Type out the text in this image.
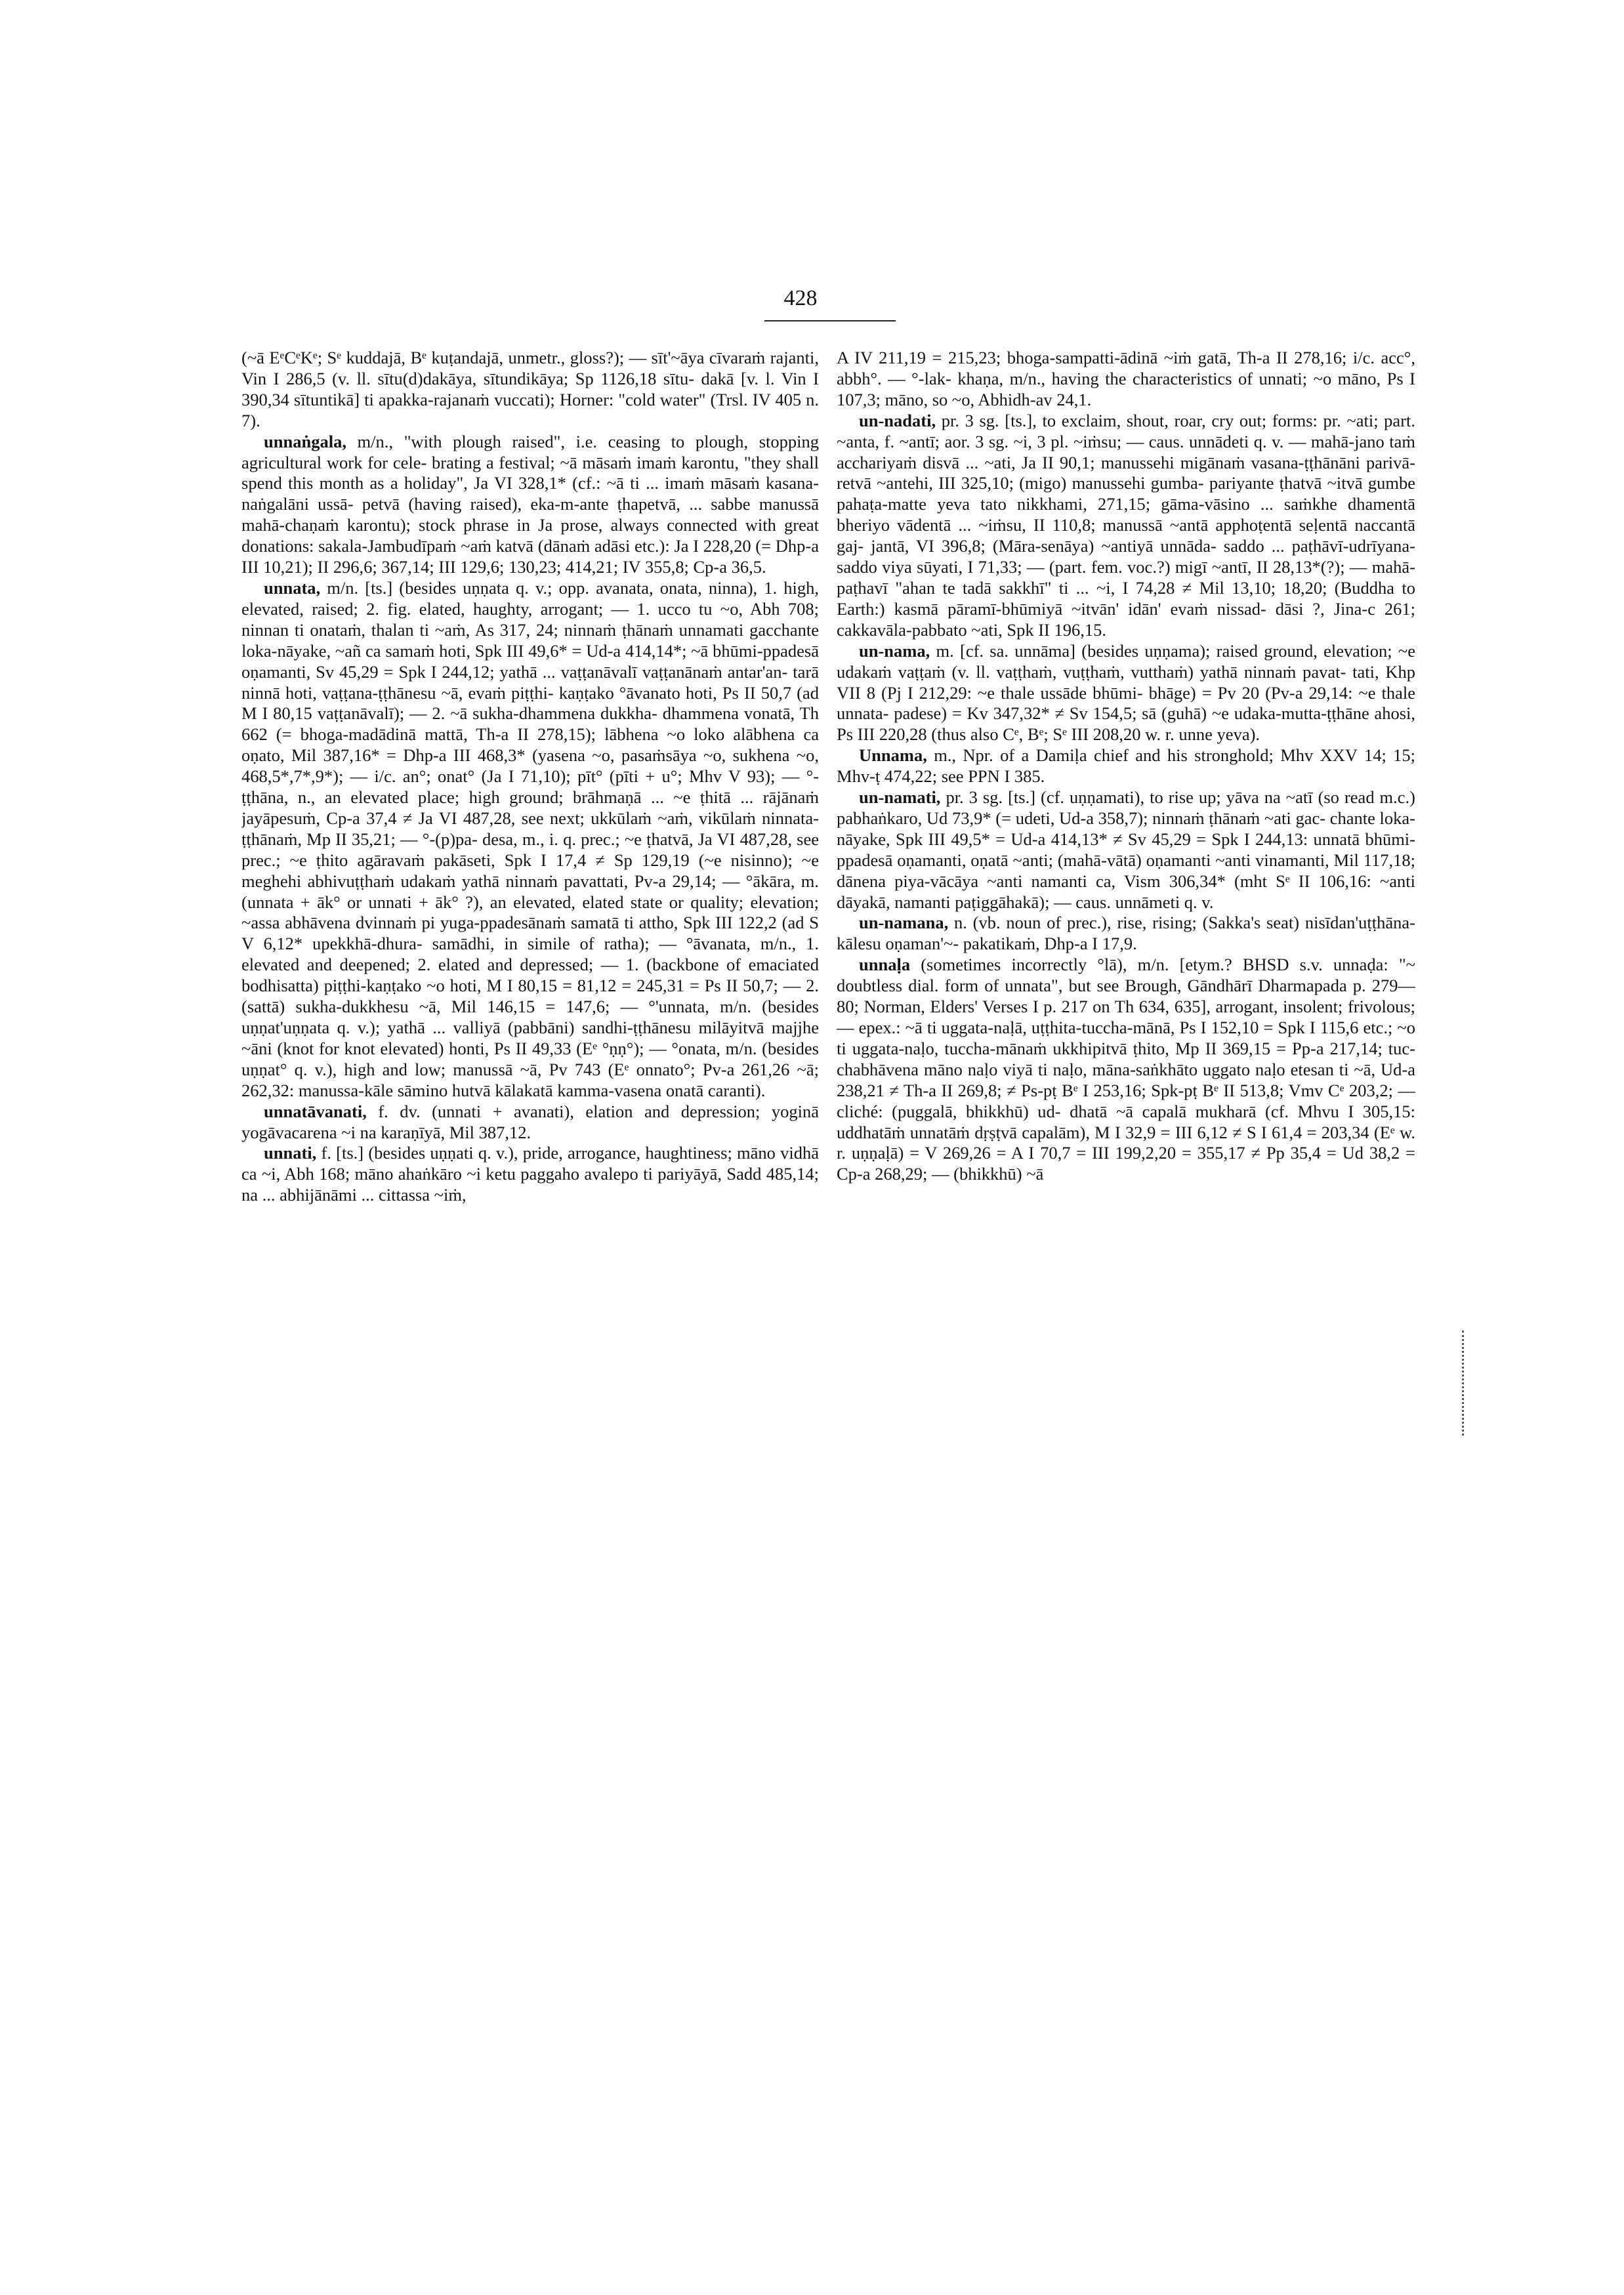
428

(~ā EᵉCᵉKᵉ; Sᵉ kuddajā, Bᵉ kuṭandajā, unmetr., gloss?); — sīt'~āya cīvaraṁ rajanti, Vin I 286,5 (v. ll. sītu(d)dakāya, sītundikāya; Sp 1126,18 sītu- dakā [v. l. Vin I 390,34 sītuntikā] ti apakka-rajanaṁ vuccati); Horner: "cold water" (Trsl. IV 405 n. 7).

unnaṅgala, m/n., "with plough raised", i.e. ceasing to plough, stopping agricultural work for cele- brating a festival; ~ā māsaṁ imaṁ karontu, "they shall spend this month as a holiday", Ja VI 328,1* (cf.: ~ā ti ... imaṁ māsaṁ kasana-naṅgalāni ussā- petvā (having raised), eka-m-ante ṭhapetvā, ... sabbe manussā mahā-chaṇaṁ karontu); stock phrase in Ja prose, always connected with great donations: sakala-Jambudīpaṁ ~aṁ katvā (dānaṁ adāsi etc.): Ja I 228,20 (= Dhp-a III 10,21); II 296,6; 367,14; III 129,6; 130,23; 414,21; IV 355,8; Cp-a 36,5.

unnata, m/n. [ts.] (besides uṇṇata q. v.; opp. avanata, onata, ninna), 1. high, elevated, raised; 2. fig. elated, haughty, arrogant; — 1. ucco tu ~o, Abh 708; ninnan ti onataṁ, thalan ti ~aṁ, As 317, 24; ninnaṁ ṭhānaṁ unnamati gacchante loka-nāyake, ~añ ca samaṁ hoti, Spk III 49,6* = Ud-a 414,14*; ~ā bhūmi-ppadesā oṇamanti, Sv 45,29 = Spk I 244,12; yathā ... vaṭṭanāvalī vaṭṭanānaṁ antar'an- tarā ninnā hoti, vaṭṭana-ṭṭhānesu ~ā, evaṁ piṭṭhi- kaṇṭako °āvanato hoti, Ps II 50,7 (ad M I 80,15 vaṭṭanāvalī); — 2. ~ā sukha-dhammena dukkha- dhammena vonatā, Th 662 (= bhoga-madādinā mattā, Th-a II 278,15); lābhena ~o loko alābhena ca oṇato, Mil 387,16* = Dhp-a III 468,3* (yasena ~o, pasaṁsāya ~o, sukhena ~o, 468,5*,7*,9*); — i/c. an°; onat° (Ja I 71,10); pīt° (pīti + u°; Mhv V 93); — °-ṭṭhāna, n., an elevated place; high ground; brāhmaṇā ... ~e ṭhitā ... rājānaṁ jayāpesuṁ, Cp-a 37,4 ≠ Ja VI 487,28, see next; ukkūlaṁ ~aṁ, vikūlaṁ ninnata-ṭṭhānaṁ, Mp II 35,21; — °-(p)pa- desa, m., i. q. prec.; ~e ṭhatvā, Ja VI 487,28, see prec.; ~e ṭhito agāravaṁ pakāseti, Spk I 17,4 ≠ Sp 129,19 (~e nisinno); ~e meghehi abhivuṭṭhaṁ udakaṁ yathā ninnaṁ pavattati, Pv-a 29,14; — °ākāra, m. (unnata + āk° or unnati + āk° ?), an elevated, elated state or quality; elevation; ~assa abhāvena dvinnaṁ pi yuga-ppadesānaṁ samatā ti attho, Spk III 122,2 (ad S V 6,12* upekkhā-dhura- samādhi, in simile of ratha); — °āvanata, m/n., 1. elevated and deepened; 2. elated and depressed; — 1. (backbone of emaciated bodhisatta) piṭṭhi-kaṇṭako ~o hoti, M I 80,15 = 81,12 = 245,31 = Ps II 50,7; — 2. (sattā) sukha-dukkhesu ~ā, Mil 146,15 = 147,6; — °'unnata, m/n. (besides uṇṇat'uṇṇata q. v.); yathā ... valliyā (pabbāni) sandhi-ṭṭhānesu milāyitvā majjhe ~āni (knot for knot elevated) honti, Ps II 49,33 (Eᵉ °ṇṇ°); — °onata, m/n. (besides uṇṇat° q. v.), high and low; manussā ~ā, Pv 743 (Eᵉ onnato°; Pv-a 261,26 ~ā; 262,32: manussa-kāle sāmino hutvā kālakatā kamma-vasena onatā caranti).

unnatāvanati, f. dv. (unnati + avanati), elation and depression; yoginā yogāvacarena ~i na karaṇīyā, Mil 387,12.

unnati, f. [ts.] (besides uṇṇati q. v.), pride, arrogance, haughtiness; māno vidhā ca ~i, Abh 168; māno ahaṅkāro ~i ketu paggaho avalepo ti pariyāyā, Sadd 485,14; na ... abhijānāmi ... cittassa ~iṁ,

A IV 211,19 = 215,23; bhoga-sampatti-ādinā ~iṁ gatā, Th-a II 278,16; i/c. acc°, abbh°. — °-lak- khaṇa, m/n., having the characteristics of unnati; ~o māno, Ps I 107,3; māno, so ~o, Abhidh-av 24,1.

un-nadati, pr. 3 sg. [ts.], to exclaim, shout, roar, cry out; forms: pr. ~ati; part. ~anta, f. ~antī; aor. 3 sg. ~i, 3 pl. ~iṁsu; — caus. unnādeti q. v. — mahā-jano taṁ acchariyaṁ disvā ... ~ati, Ja II 90,1; manussehi migānaṁ vasana-ṭṭhānāni parivā- retvā ~antehi, III 325,10; (migo) manussehi gumba- pariyante ṭhatvā ~itvā gumbe pahaṭa-matte yeva tato nikkhami, 271,15; gāma-vāsino ... saṁkhe dhamentā bheriyo vādentā ... ~iṁsu, II 110,8; manussā ~antā apphoṭentā seḷentā naccantā gaj- jantā, VI 396,8; (Māra-senāya) ~antiyā unnāda- saddo ... paṭhāvī-udrīyana-saddo viya sūyati, I 71,33; — (part. fem. voc.?) migī ~antī, II 28,13*(?); — mahā-paṭhavī "ahan te tadā sakkhī" ti ... ~i, I 74,28 ≠ Mil 13,10; 18,20; (Buddha to Earth:) kasmā pāramī-bhūmiyā ~itvān' idān' evaṁ nissad- dāsi ?, Jina-c 261; cakkavāla-pabbato ~ati, Spk II 196,15.

un-nama, m. [cf. sa. unnāma] (besides uṇṇama); raised ground, elevation; ~e udakaṁ vaṭṭaṁ (v. ll. vaṭṭhaṁ, vuṭṭhaṁ, vutthaṁ) yathā ninnaṁ pavat- tati, Khp VII 8 (Pj I 212,29: ~e thale ussāde bhūmi- bhāge) = Pv 20 (Pv-a 29,14: ~e thale unnata- padese) = Kv 347,32* ≠ Sv 154,5; sā (guhā) ~e udaka-mutta-ṭṭhāne ahosi, Ps III 220,28 (thus also Cᵉ, Bᵉ; Sᵉ III 208,20 w. r. unne yeva).

Unnama, m., Npr. of a Damiḷa chief and his stronghold; Mhv XXV 14; 15; Mhv-ṭ 474,22; see PPN I 385.

un-namati, pr. 3 sg. [ts.] (cf. uṇṇamati), to rise up; yāva na ~atī (so read m.c.) pabhaṅkaro, Ud 73,9* (= udeti, Ud-a 358,7); ninnaṁ ṭhānaṁ ~ati gac- chante loka-nāyake, Spk III 49,5* = Ud-a 414,13* ≠ Sv 45,29 = Spk I 244,13: unnatā bhūmi-ppadesā oṇamanti, oṇatā ~anti; (mahā-vātā) oṇamanti ~anti vinamanti, Mil 117,18; dānena piya-vācāya ~anti namanti ca, Vism 306,34* (mht Sᵉ II 106,16: ~anti dāyakā, namanti paṭiggāhakā); — caus. unnāmeti q. v.

un-namana, n. (vb. noun of prec.), rise, rising; (Sakka's seat) nisīdan'uṭṭhāna-kālesu oṇaman'~- pakatikaṁ, Dhp-a I 17,9.

unnaḷa (sometimes incorrectly °lā), m/n. [etym.? BHSD s.v. unnaḍa: "~ doubtless dial. form of unnata", but see Brough, Gāndhārī Dharmapada p. 279—80; Norman, Elders' Verses I p. 217 on Th 634, 635], arrogant, insolent; frivolous; — epex.: ~ā ti uggata-naḷā, uṭṭhita-tuccha-mānā, Ps I 152,10 = Spk I 115,6 etc.; ~o ti uggata-naḷo, tuccha-mānaṁ ukkhipitvā ṭhito, Mp II 369,15 = Pp-a 217,14; tuc- chabhāvena māno naḷo viyā ti naḷo, māna-saṅkhāto uggato naḷo etesan ti ~ā, Ud-a 238,21 ≠ Th-a II 269,8; ≠ Ps-pṭ Bᵉ I 253,16; Spk-pṭ Bᵉ II 513,8; Vmv Cᵉ 203,2; — cliché: (puggalā, bhikkhū) ud- dhatā ~ā capalā mukharā (cf. Mhvu I 305,15: uddhatāṁ unnatāṁ dṛṣṭvā capalām), M I 32,9 = III 6,12 ≠ S I 61,4 = 203,34 (Eᵉ w. r. uṇṇaḷā) = V 269,26 = A I 70,7 = III 199,2,20 = 355,17 ≠ Pp 35,4 = Ud 38,2 = Cp-a 268,29; — (bhikkhū) ~ā
